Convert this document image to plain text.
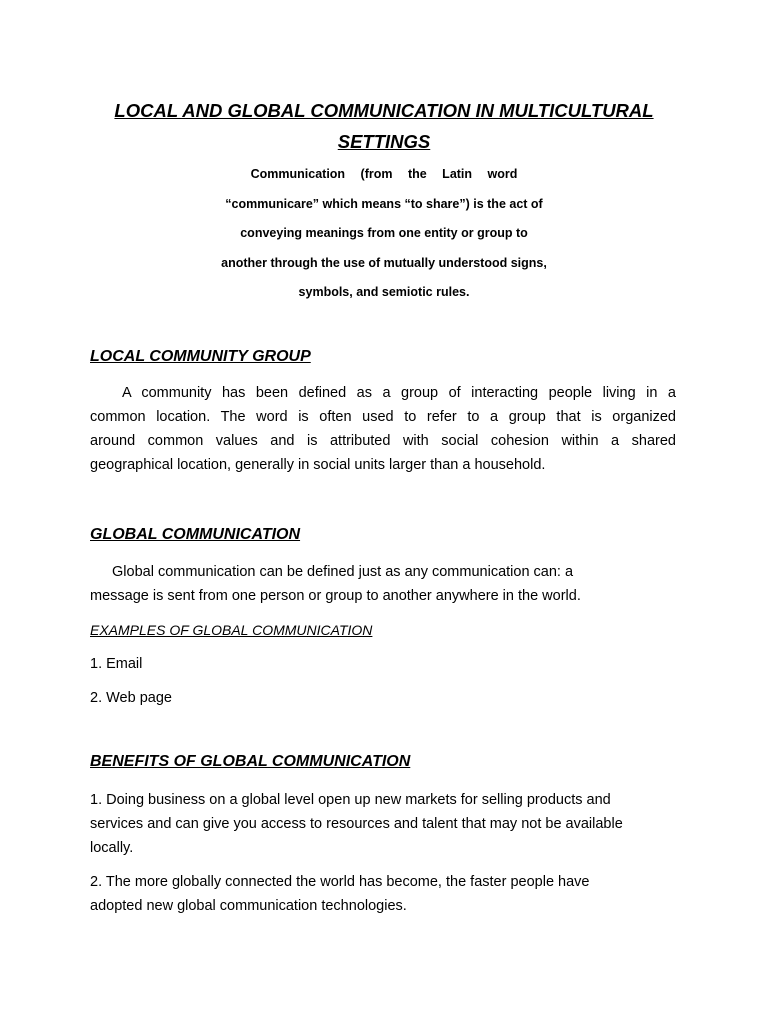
LOCAL AND GLOBAL COMMUNICATION IN MULTICULTURAL
SETTINGS
Communication (from the Latin word
“communicare” which means “to share”) is the act of
conveying meanings from one entity or group to
another through the use of mutually understood signs,
symbols, and semiotic rules.
LOCAL COMMUNITY GROUP
A community has been defined as a group of interacting people living in a
common location. The word is often used to refer to a group that is organized
around common values and is attributed with social cohesion within a shared
geographical location, generally in social units larger than a household.
GLOBAL COMMUNICATION
Global communication can be defined just as any communication can: a
message is sent from one person or group to another anywhere in the world.
EXAMPLES OF GLOBAL COMMUNICATION
1. Email
2. Web page
BENEFITS OF GLOBAL COMMUNICATION
1. Doing business on a global level open up new markets for selling products and
services and can give you access to resources and talent that may not be available
locally.
2. The more globally connected the world has become, the faster people have
adopted new global communication technologies.
